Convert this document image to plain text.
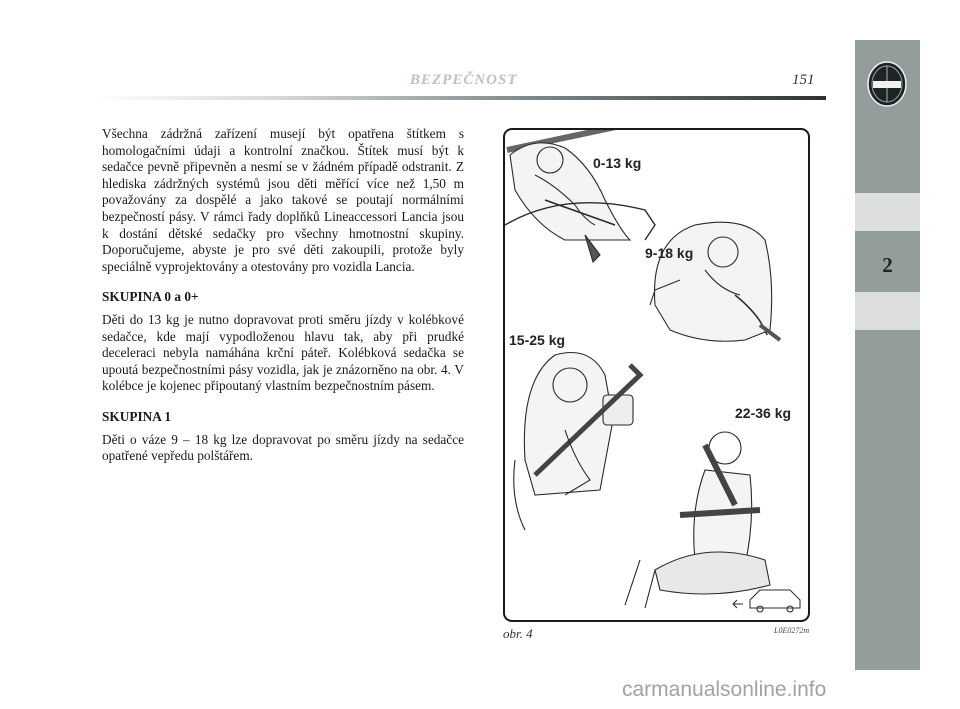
BEZPEČNOST	151
2

Všechna zádržná zařízení musejí být opatřena štítkem s homologačními údaji a kontrolní značkou. Štítek musí být k sedačce pevně připevněn a nesmí se v žádném případě odstranit. Z hlediska zádržných systémů jsou děti měřící více než 1,50 m považovány za dospělé a jako takové se poutají normálními bezpečností pásy. V rámci řady doplňků Lineaccessori Lancia jsou k dostání dětské sedačky pro všechny hmotnostní skupiny. Doporučujeme, abyste je pro své děti zakoupili, protože byly speciálně vyprojektovány a otestovány pro vozidla Lancia.

SKUPINA 0 a 0+

Děti do 13 kg je nutno dopravovat proti směru jízdy v kolébkové sedačce, kde mají vypodloženou hlavu tak, aby při prudké deceleraci nebyla namáhána krční páteř. Kolébková sedačka se upoutá bezpečnostními pásy vozidla, jak je znázorněno na obr. 4. V kolébce je kojenec připoutaný vlastním bezpečnostním pásem.

SKUPINA 1

Děti o váze 9 – 18 kg lze dopravovat po směru jízdy na sedačce opatřené vepředu polštářem.

0-13 kg
9-18 kg
15-25 kg
22-36 kg
obr. 4	L0E0272m
carmanualsonline.info
